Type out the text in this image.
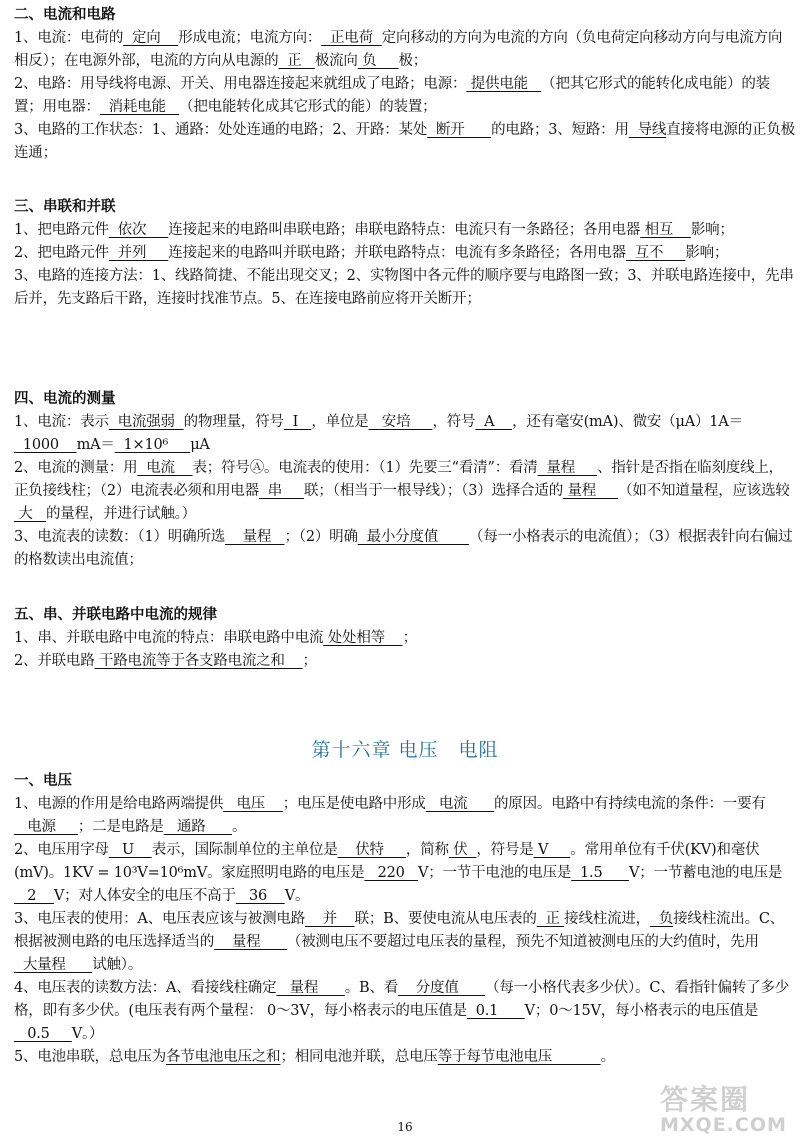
二、电流和电路

1、电流：电荷的  定向    形成电流；电流方向：  正电荷  定向移动的方向为电流的方向（负电荷定向移动方向与电流方向相反）；在电源外部，电流的方向从电源的  正   极流向 负     极；

2、电路：用导线将电源、开关、用电器连接起来就组成了电路；电源： 提供电能   （把其它形式的能转化成电能）的装置；用电器：  消耗电能   （把电能转化成其它形式的能）的装置；

3、电路的工作状态：1、通路：处处连通的电路；2、开路：某处  断开      的电路；3、短路：用  导线直接将电源的正负极连通；

三、串联和并联

1、把电路元件  依次     连接起来的电路叫串联电路；串联电路特点：电流只有一条路径；各用电器 相互    影响；

2、把电路元件  并列     连接起来的电路叫并联电路；并联电路特点：电流有多条路径；各用电器  互不     影响；

3、电路的连接方法：1、线路简捷、不能出现交叉；2、实物图中各元件的顺序要与电路图一致；3、并联电路连接中，先串后并，先支路后干路，连接时找准节点。5、在连接电路前应将开关断开；

四、电流的测量

1、电流：表示  电流强弱  的物理量，符号  I   ，单位是   安培     ，符号  A    ，还有毫安(mA)、微安（μA）1A＝  1000    mA＝  1×10⁶     μA

2、电流的测量：用  电流    表；符号Ⓐ。电流表的使用：（1）先要三“看清”：看清  量程     、指针是否指在临刻度线上，正负接线柱；（2）电流表必须和用电器  串     联；（相当于一根导线）；（3）选择合适的 量程     （如不知道量程，应该选较 大   的量程，并进行试触。）

3、电流表的读数：（1）明确所选    量程   ；（2）明确  最小分度值       （每一小格表示的电流值）；（3）根据表针向右偏过的格数读出电流值；

五、串、并联电路中电流的规律

1、串、并联电路中电流的特点：串联电路中电流 处处相等    ；

2、并联电路 干路电流等于各支路电流之和    ；

第十六章 电压　电阻

一、电压

1、电源的作用是给电路两端提供   电压    ；电压是使电路中形成   电流      的原因。电路中有持续电流的条件：一要有   电源     ；二是电路是   通路      。

2、电压用字母   U    表示，国际制单位的主单位是    伏特     ，简称 伏  ，符号是 V     。常用单位有千伏(KV)和毫伏(mV)。1KV = 10³V=10⁶mV。家庭照明电路的电压是   220   V；一节干电池的电压是  1.5      V；一节蓄电池的电压是   2    V；对人体安全的电压不高于   36    V。

3、电压表的使用：A、电压表应该与被测电路    并    联；B、要使电流从电压表的  正 接线柱流进，  负接线柱流出。C、根据被测电路的电压选择适当的    量程      （被测电压不要超过电压表的量程，预先不知道被测电压的大约值时，先用  大量程      试触）。

4、电压表的读数方法：A、看接线柱确定   量程      。B、看    分度值      （每一小格代表多少伏）。C、看指针偏转了多少格，即有多少伏。(电压表有两个量程： 0～3V，每小格表示的电压值是  0.1      V；0～15V，每小格表示的电压值是   0.5     V。）

5、电池串联，总电压为各节电池电压之和；相同电池并联，总电压等于每节电池电压           。

16
答案圈
MXQE.COM
